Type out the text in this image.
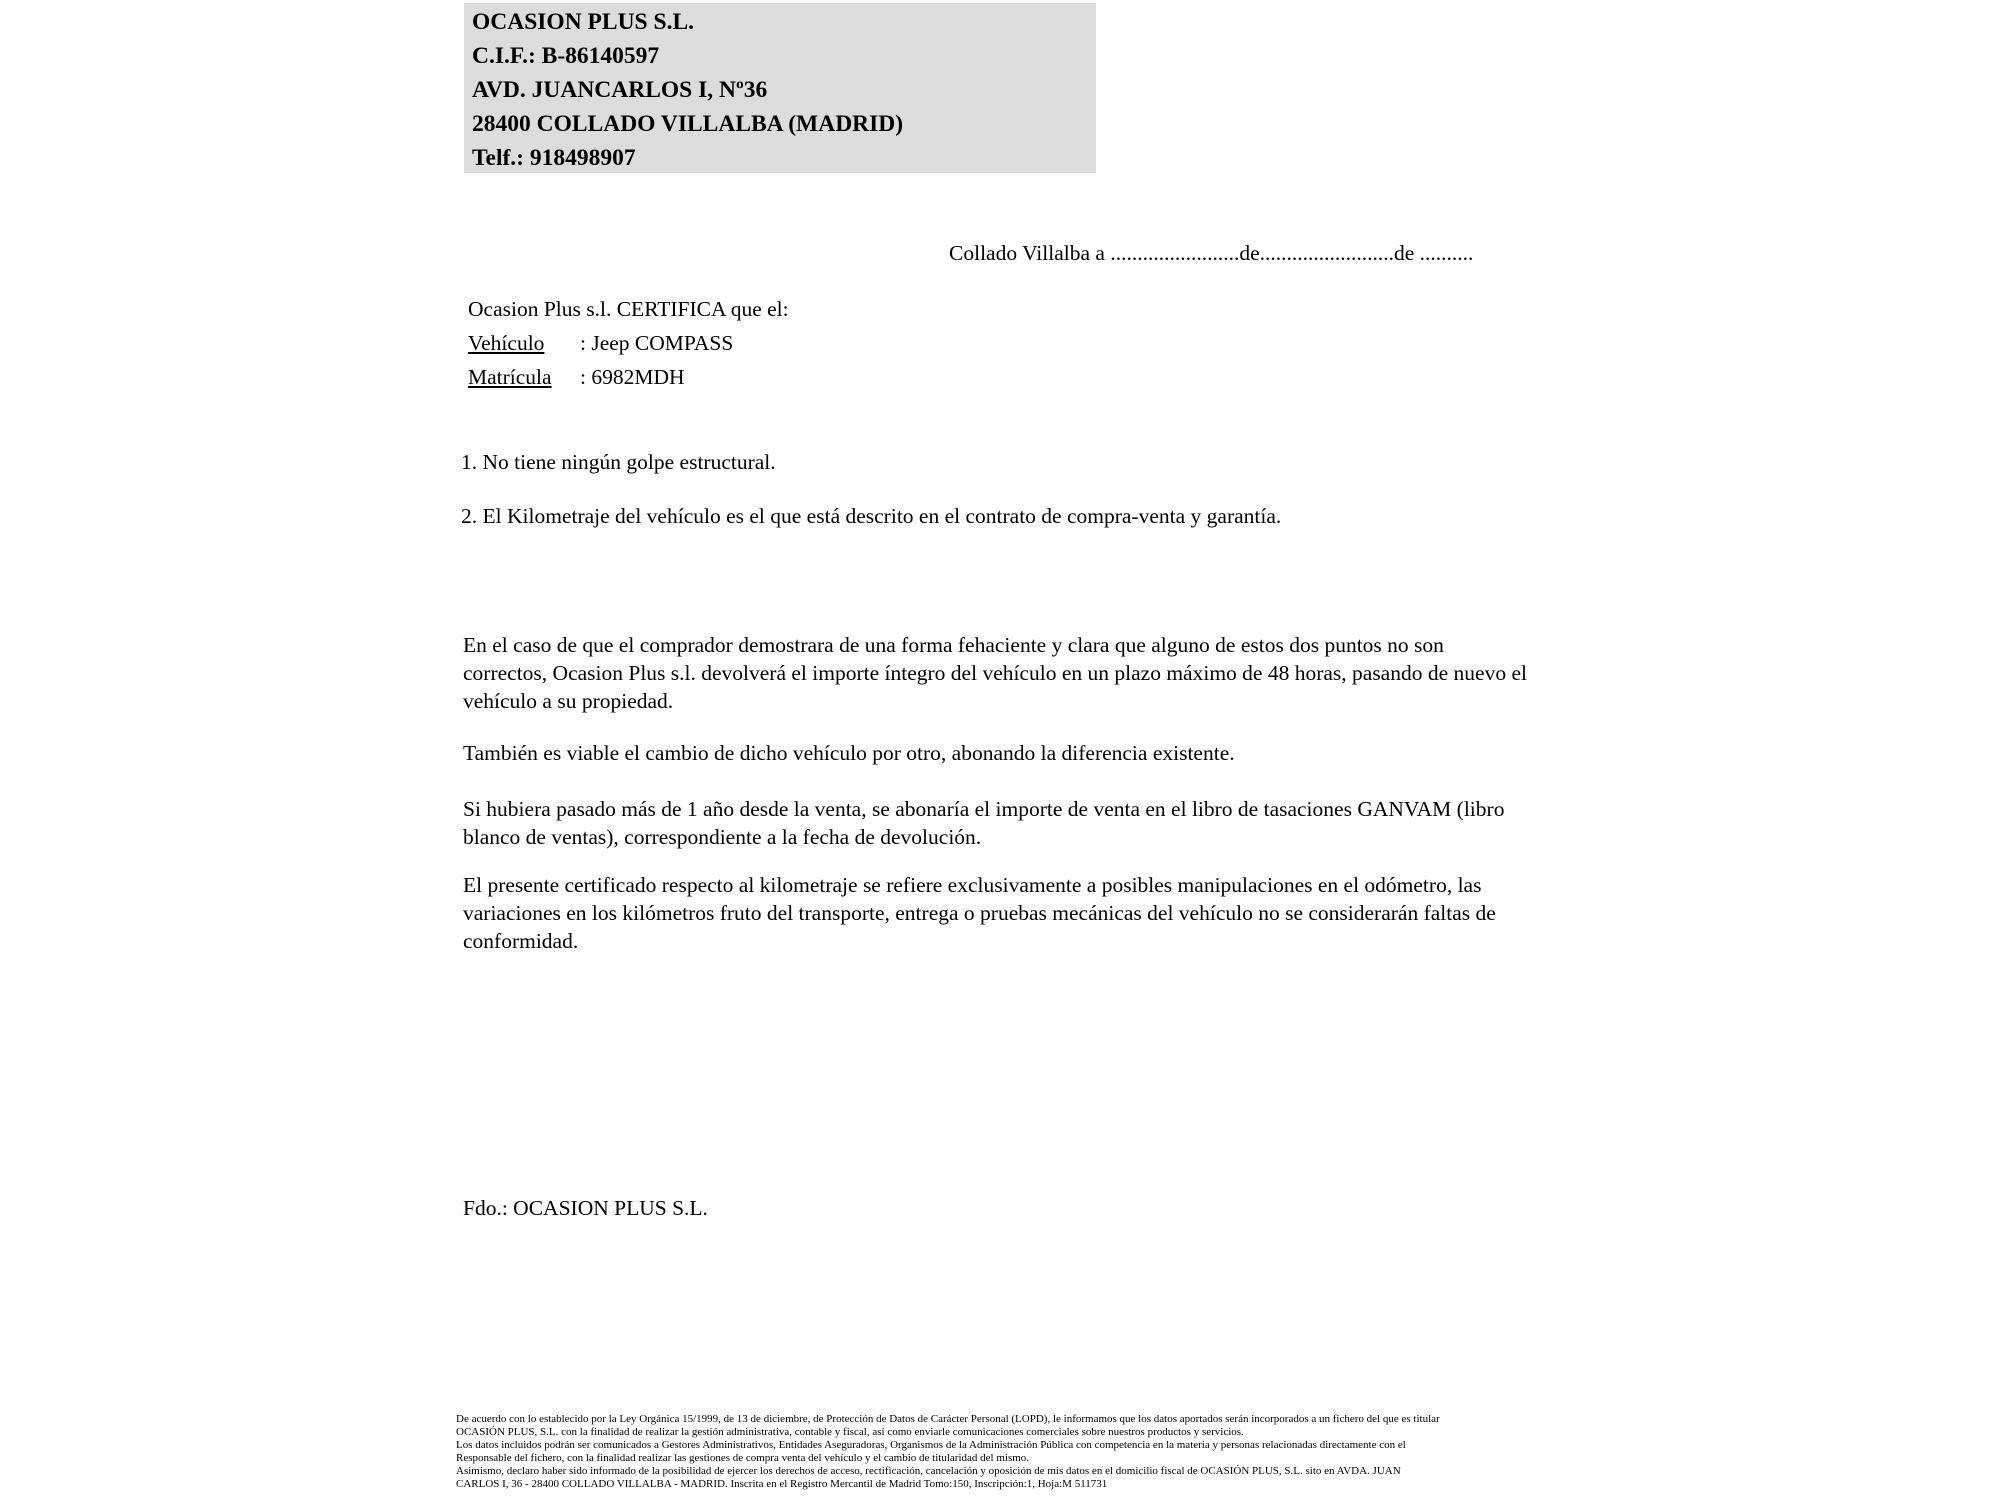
OCASION PLUS S.L.
C.I.F.: B-86140597
AVD. JUANCARLOS I, Nº36
28400 COLLADO VILLALBA (MADRID)
Telf.: 918498907
Collado Villalba a ........................de.........................de ..........
Ocasion Plus s.l. CERTIFICA que el:
Vehículo : Jeep COMPASS
Matrícula : 6982MDH
1. No tiene ningún golpe estructural.
2. El Kilometraje del vehículo es el que está descrito en el contrato de compra-venta y garantía.

En el caso de que el comprador demostrara de una forma fehaciente y clara que alguno de estos dos puntos no son correctos, Ocasion Plus s.l. devolverá el importe íntegro del vehículo en un plazo máximo de 48 horas, pasando de nuevo el vehículo a su propiedad.

También es viable el cambio de dicho vehículo por otro, abonando la diferencia existente.

Si hubiera pasado más de 1 año desde la venta, se abonaría el importe de venta en el libro de tasaciones GANVAM (libro blanco de ventas), correspondiente a la fecha de devolución.

El presente certificado respecto al kilometraje se refiere exclusivamente a posibles manipulaciones en el odómetro, las variaciones en los kilómetros fruto del transporte, entrega o pruebas mecánicas del vehículo no se considerarán faltas de conformidad.

Fdo.: OCASION PLUS S.L.
De acuerdo con lo establecido por la Ley Orgánica 15/1999, de 13 de diciembre, de Protección de Datos de Carácter Personal (LOPD), le informamos que los datos aportados serán incorporados a un fichero del que es titular
OCASIÓN PLUS, S.L. con la finalidad de realizar la gestión administrativa, contable y fiscal, así como enviarle comunicaciones comerciales sobre nuestros productos y servicios.
Los datos incluidos podrán ser comunicados a Gestores Administrativos, Entidades Aseguradoras, Organismos de la Administración Pública con competencia en la materia y personas relacionadas directamente con el
Responsable del fichero, con la finalidad realizar las gestiones de compra venta del vehículo y el cambio de titularidad del mismo.
Asimismo, declaro haber sido informado de la posibilidad de ejercer los derechos de acceso, rectificación, cancelación y oposición de mis datos en el domicilio fiscal de OCASIÓN PLUS, S.L. sito en AVDA. JUAN
CARLOS I, 36 - 28400 COLLADO VILLALBA - MADRID. Inscrita en el Registro Mercantil de Madrid Tomo:150, Inscripción:1, Hoja:M 511731
